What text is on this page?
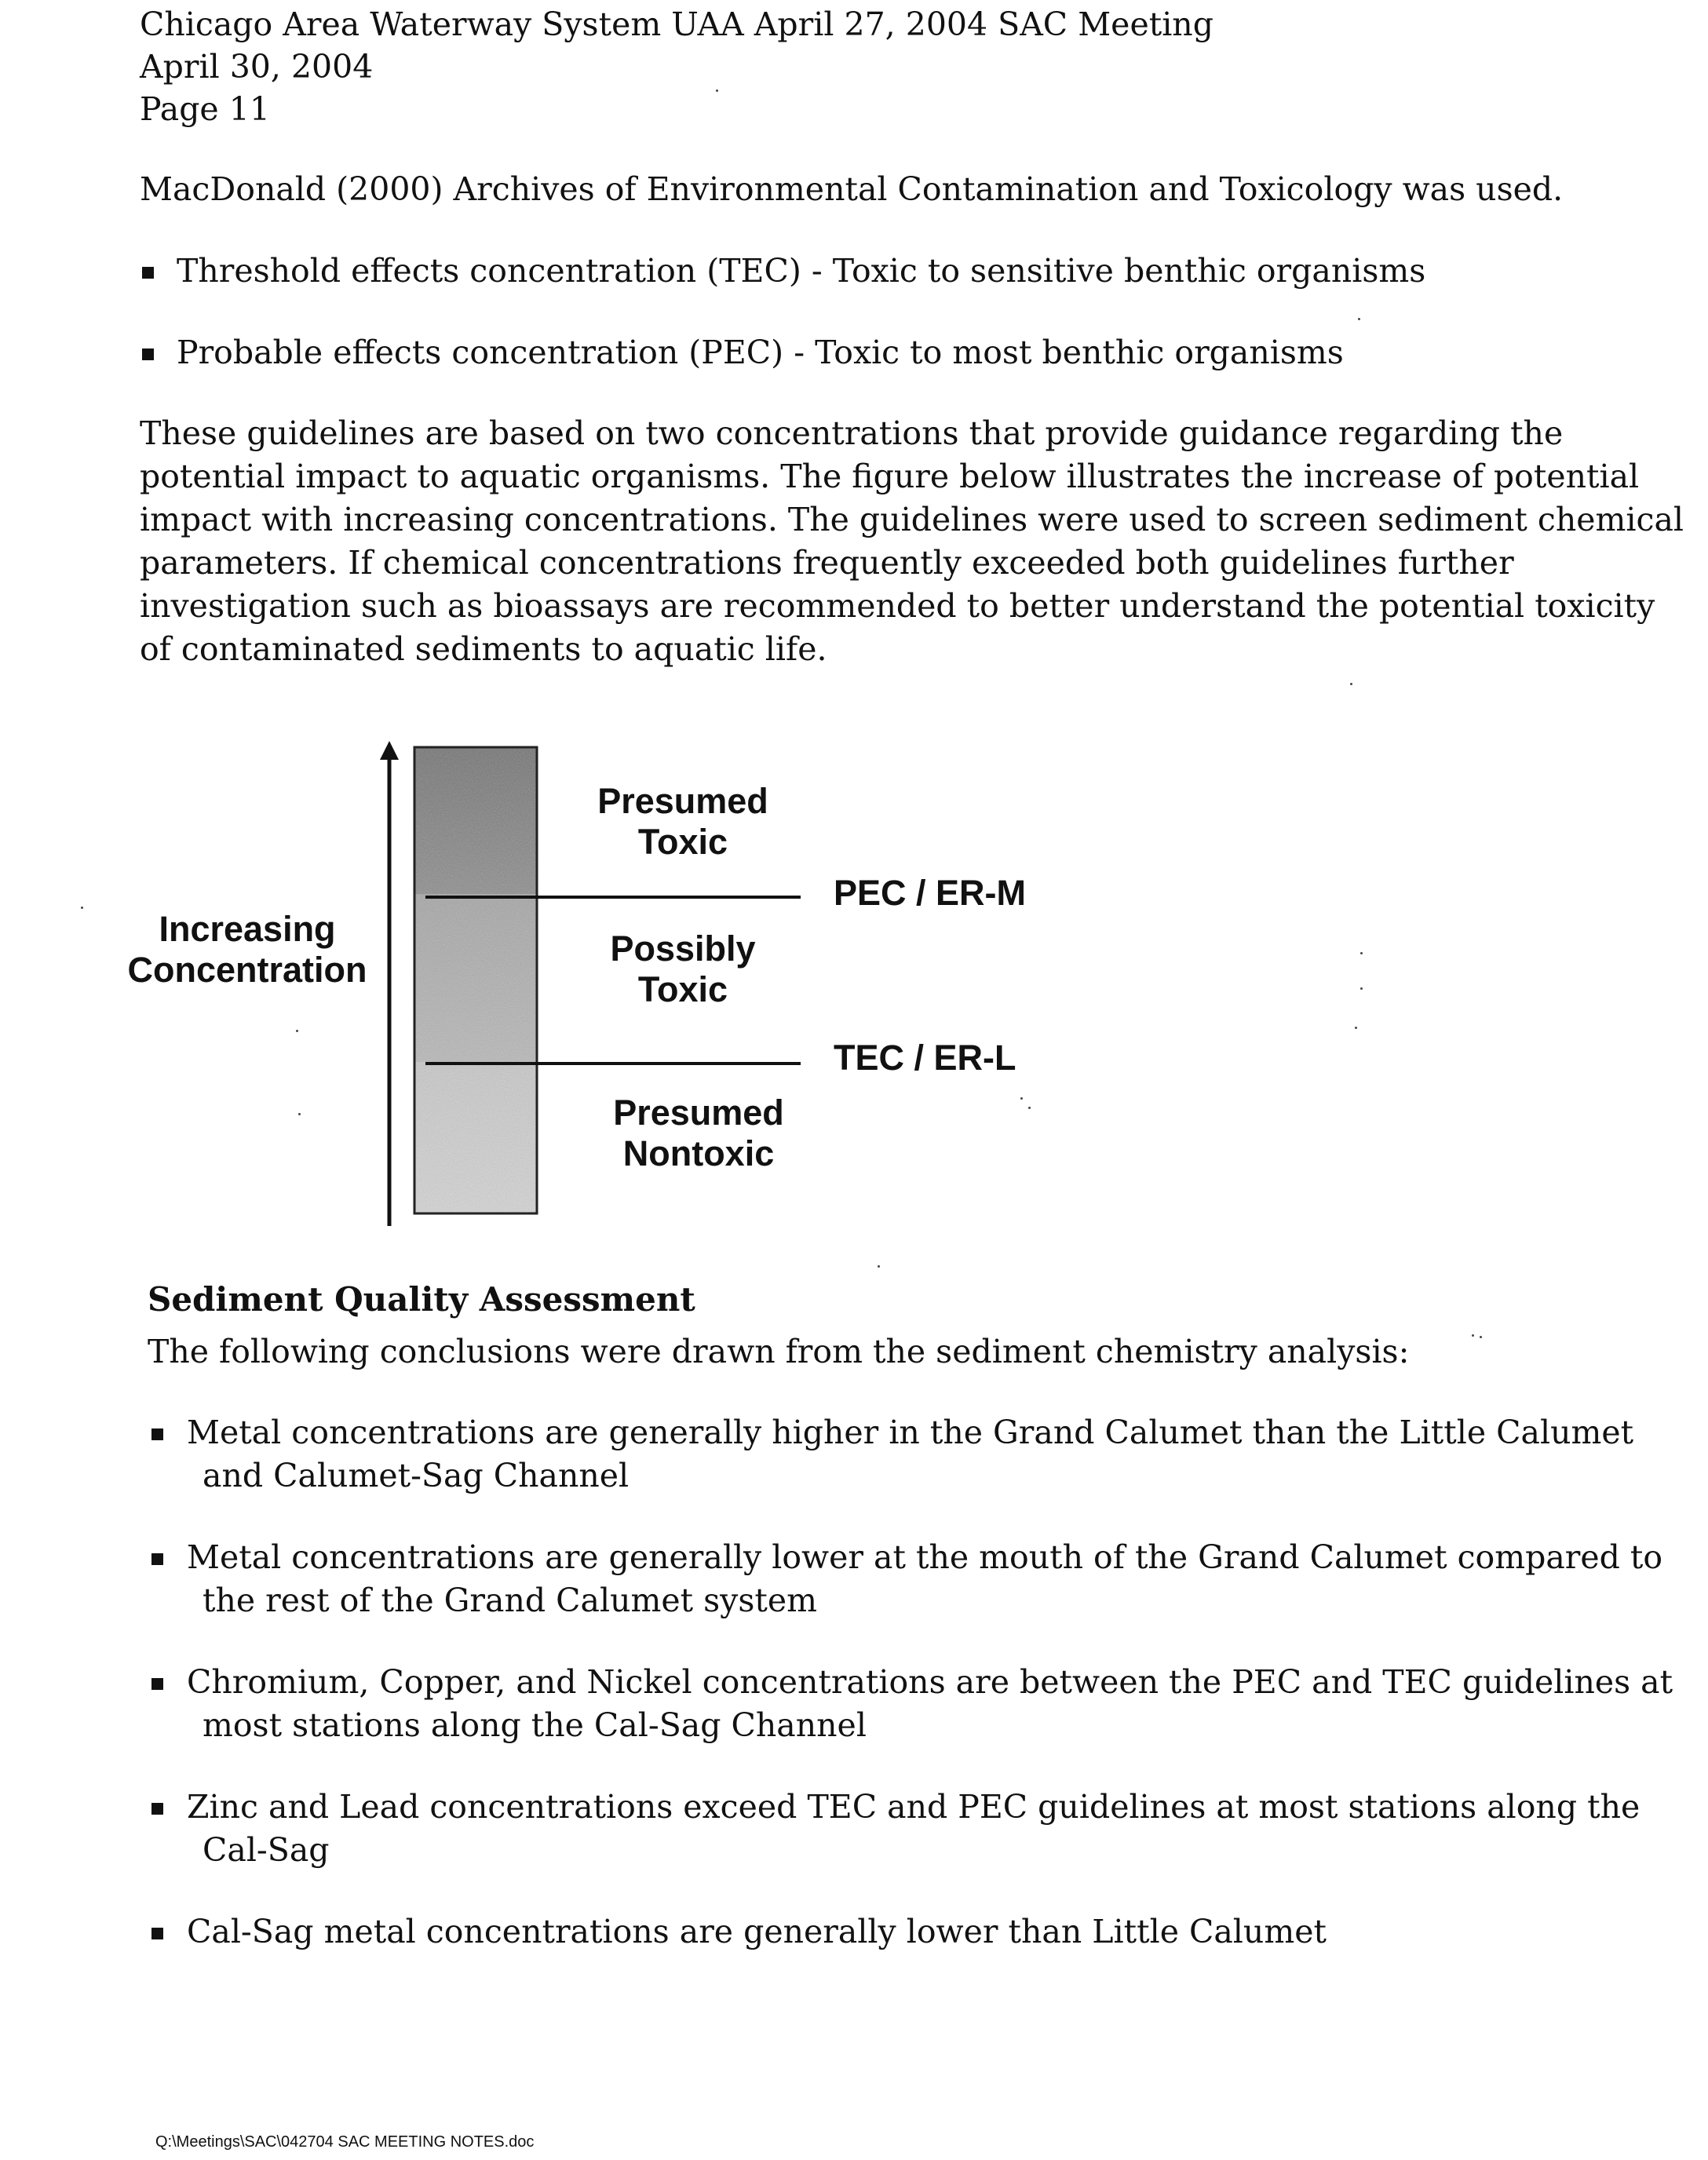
Chicago Area Waterway System UAA April 27, 2004 SAC Meeting
April 30, 2004
Page 11
MacDonald (2000) Archives of Environmental Contamination and Toxicology was used.
Threshold effects concentration (TEC) - Toxic to sensitive benthic organisms
Probable effects concentration (PEC) - Toxic to most benthic organisms
These guidelines are based on two concentrations that provide guidance regarding the
potential impact to aquatic organisms. The figure below illustrates the increase of potential
impact with increasing concentrations. The guidelines were used to screen sediment chemical
parameters. If chemical concentrations frequently exceeded both guidelines further
investigation such as bioassays are recommended to better understand the potential toxicity
of contaminated sediments to aquatic life.
Increasing
Concentration
Presumed
Toxic
Possibly
Toxic
Presumed
Nontoxic
PEC / ER-M
TEC / ER-L
Sediment Quality Assessment
The following conclusions were drawn from the sediment chemistry analysis:
Metal concentrations are generally higher in the Grand Calumet than the Little Calumet
and Calumet-Sag Channel
Metal concentrations are generally lower at the mouth of the Grand Calumet compared to
the rest of the Grand Calumet system
Chromium, Copper, and Nickel concentrations are between the PEC and TEC guidelines at
most stations along the Cal-Sag Channel
Zinc and Lead concentrations exceed TEC and PEC guidelines at most stations along the
Cal-Sag
Cal-Sag metal concentrations are generally lower than Little Calumet
Q:\Meetings\SAC\042704 SAC MEETING NOTES.doc
